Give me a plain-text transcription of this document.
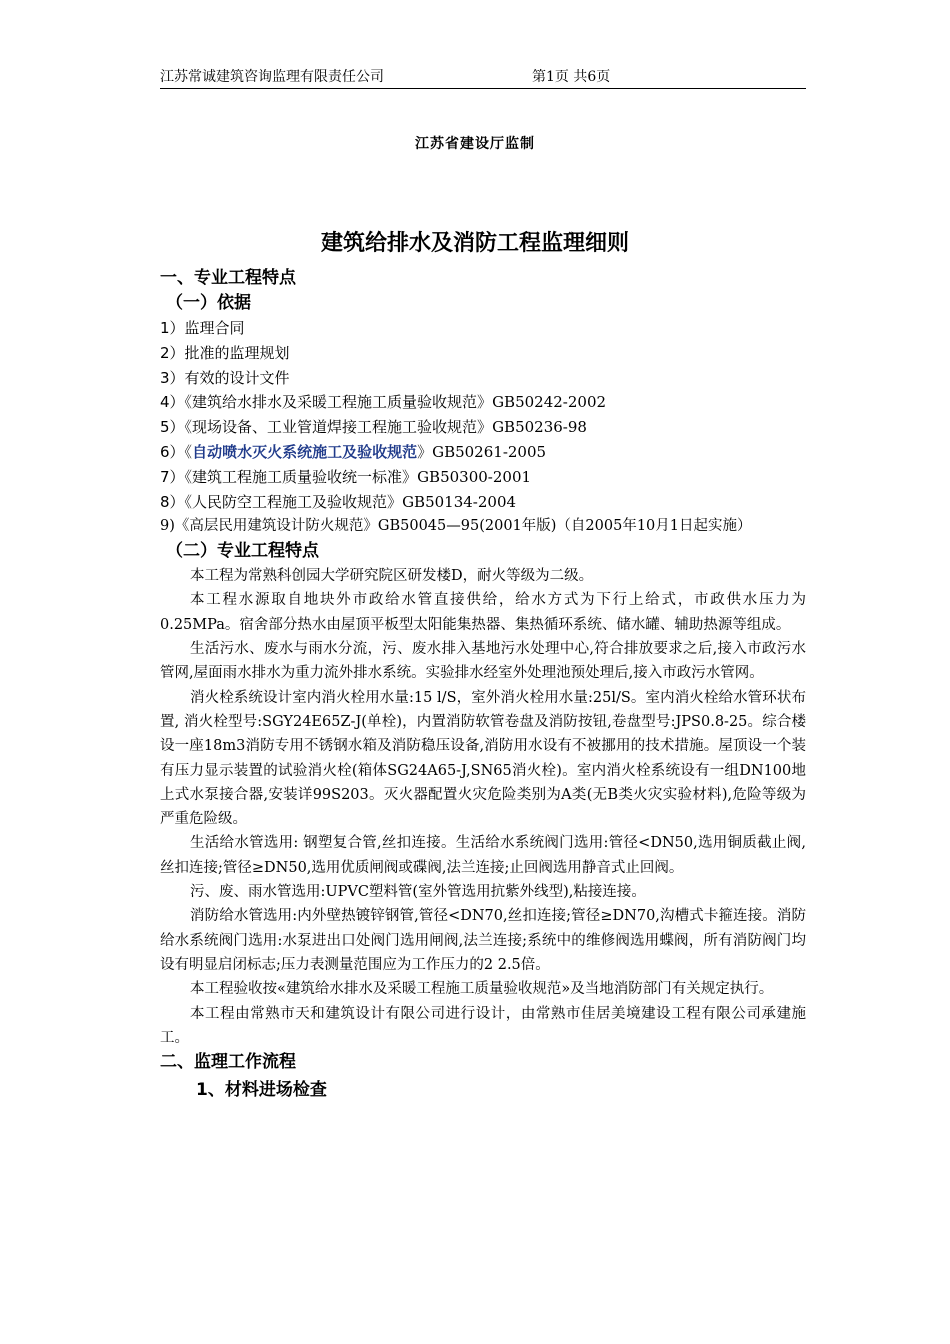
江苏常诚建筑咨询监理有限责任公司	第1页 共6页
江苏省建设厅监制
建筑给排水及消防工程监理细则

一、专业工程特点

（一）依据

1）监理合同

2）批准的监理规划

3）有效的设计文件

4）《建筑给水排水及采暖工程施工质量验收规范》GB50242-2002

5）《现场设备、工业管道焊接工程施工验收规范》GB50236-98

6）《自动喷水灭火系统施工及验收规范》GB50261-2005

7）《建筑工程施工质量验收统一标准》GB50300-2001

8）《人民防空工程施工及验收规范》GB50134-2004

9)《高层民用建筑设计防火规范》GB50045—95(2001年版)（自2005年10月1日起实施）

（二）专业工程特点

本工程为常熟科创园大学研究院区研发楼D，耐火等级为二级。

本工程水源取自地块外市政给水管直接供给，给水方式为下行上给式，市政供水压力为0.25MPa。宿舍部分热水由屋顶平板型太阳能集热器、集热循环系统、储水罐、辅助热源等组成。

生活污水、废水与雨水分流，污、废水排入基地污水处理中心,符合排放要求之后,接入市政污水管网,屋面雨水排水为重力流外排水系统。实验排水经室外处理池预处理后,接入市政污水管网。

消火栓系统设计室内消火栓用水量:15 l/S，室外消火栓用水量:25l/S。室内消火栓给水管环状布置, 消火栓型号:SGY24E65Z-J(单栓)，内置消防软管卷盘及消防按钮,卷盘型号:JPS0.8-25。综合楼设一座18m3消防专用不锈钢水箱及消防稳压设备,消防用水设有不被挪用的技术措施。屋顶设一个装有压力显示装置的试验消火栓(箱体SG24A65-J,SN65消火栓)。室内消火栓系统设有一组DN100地上式水泵接合器,安装详99S203。灭火器配置火灾危险类别为A类(无B类火灾实验材料),危险等级为严重危险级。

生活给水管选用: 钢塑复合管,丝扣连接。生活给水系统阀门选用:管径<DN50,选用铜质截止阀,丝扣连接;管径≥DN50,选用优质闸阀或碟阀,法兰连接;止回阀选用静音式止回阀。

污、废、雨水管选用:UPVC塑料管(室外管选用抗紫外线型),粘接连接。

消防给水管选用:内外壁热镀锌钢管,管径<DN70,丝扣连接;管径≥DN70,沟槽式卡箍连接。消防给水系统阀门选用:水泵进出口处阀门选用闸阀,法兰连接;系统中的维修阀选用蝶阀，所有消防阀门均设有明显启闭标志;压力表测量范围应为工作压力的2 2.5倍。

本工程验收按«建筑给水排水及采暖工程施工质量验收规范»及当地消防部门有关规定执行。

本工程由常熟市天和建筑设计有限公司进行设计，由常熟市佳居美境建设工程有限公司承建施工。

二、监理工作流程

1、材料进场检查
